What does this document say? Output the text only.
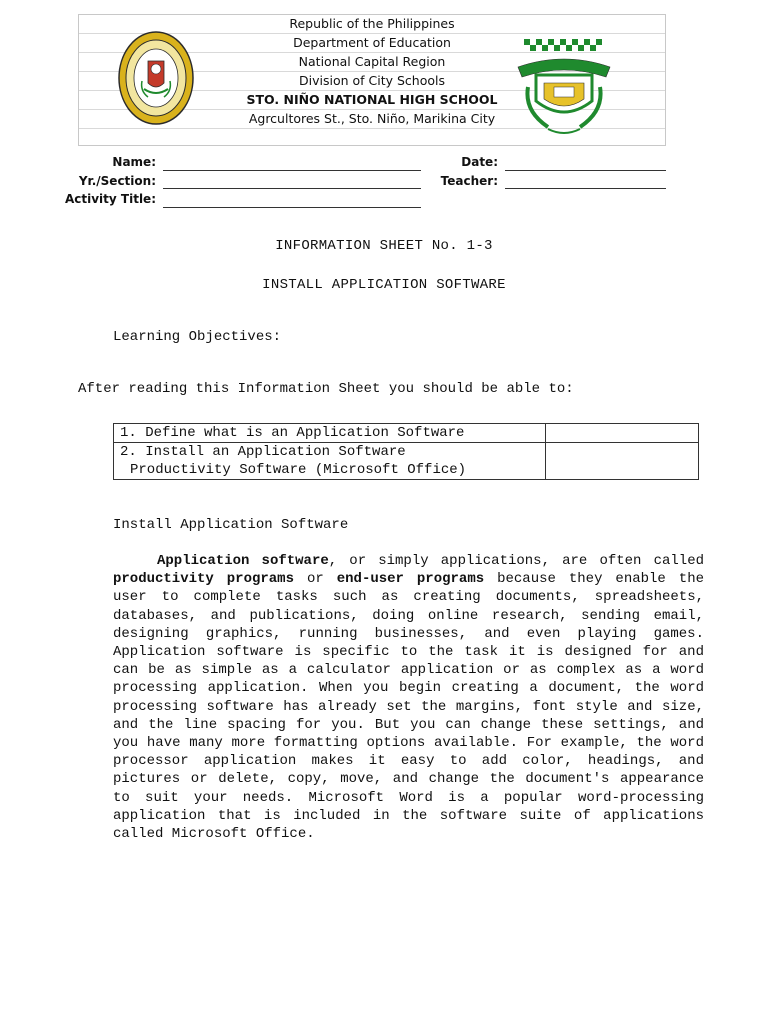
Republic of the Philippines
Department of Education
National Capital Region
Division of City Schools
STO. NIÑO NATIONAL HIGH SCHOOL
Agrcultores St., Sto. Niño, Marikina City
Name:
Yr./Section:
Activity Title:
Date:
Teacher:
INFORMATION SHEET No. 1-3
INSTALL APPLICATION SOFTWARE
Learning Objectives:
After reading this Information Sheet you should be able to:
1. Define what is an Application Software	
2. Install an Application Software

Productivity Software (Microsoft Office)	

Install Application Software

Application software, or simply applications, are often called productivity programs or end-user programs because they enable the user to complete tasks such as creating documents, spreadsheets, databases, and publications, doing online research, sending email, designing graphics, running businesses, and even playing games. Application software is specific to the task it is designed for and can be as simple as a calculator application or as complex as a word processing application. When you begin creating a document, the word processing software has already set the margins, font style and size, and the line spacing for you. But you can change these settings, and you have many more formatting options available. For example, the word processor application makes it easy to add color, headings, and pictures or delete, copy, move, and change the document's appearance to suit your needs. Microsoft Word is a popular word-processing application that is included in the software suite of applications called Microsoft Office.
